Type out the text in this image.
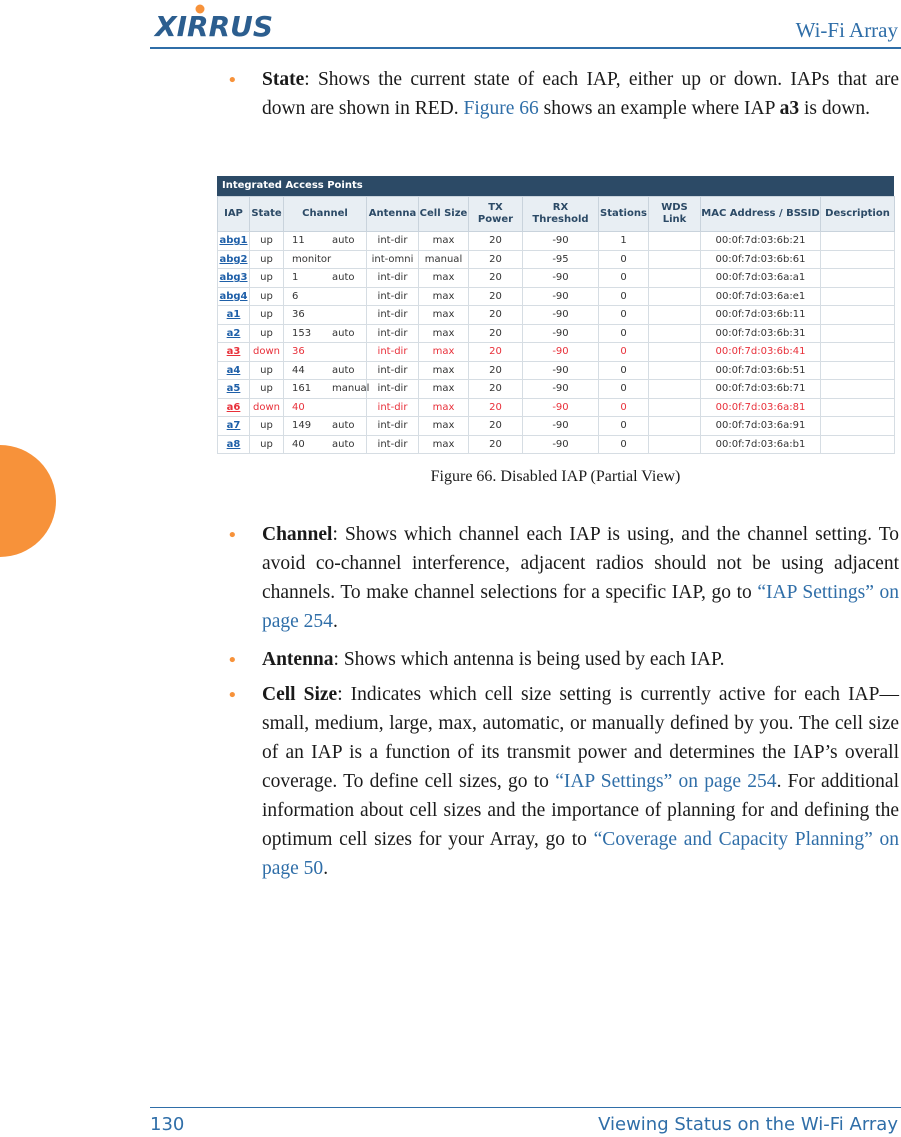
XIRRUS	Wi-Fi Array
• State: Shows the current state of each IAP, either up or down. IAPs that are down are shown in RED. Figure 66 shows an example where IAP a3 is down.
Integrated Access Points
IAP	State	Channel	Antenna	Cell Size	TX Power	RX Threshold	Stations	WDS Link	MAC Address / BSSID	Description
abg1	up	11 auto	int-dir	max	20	-90	1		00:0f:7d:03:6b:21	
abg2	up	monitor	int-omni	manual	20	-95	0		00:0f:7d:03:6b:61	
abg3	up	1 auto	int-dir	max	20	-90	0		00:0f:7d:03:6a:a1	
abg4	up	6	int-dir	max	20	-90	0		00:0f:7d:03:6a:e1	
a1	up	36	int-dir	max	20	-90	0		00:0f:7d:03:6b:11	
a2	up	153 auto	int-dir	max	20	-90	0		00:0f:7d:03:6b:31	
a3	down	36	int-dir	max	20	-90	0		00:0f:7d:03:6b:41	
a4	up	44 auto	int-dir	max	20	-90	0		00:0f:7d:03:6b:51	
a5	up	161 manual	int-dir	max	20	-90	0		00:0f:7d:03:6b:71	
a6	down	40	int-dir	max	20	-90	0		00:0f:7d:03:6a:81	
a7	up	149 auto	int-dir	max	20	-90	0		00:0f:7d:03:6a:91	
a8	up	40 auto	int-dir	max	20	-90	0		00:0f:7d:03:6a:b1	
Figure 66. Disabled IAP (Partial View)
• Channel: Shows which channel each IAP is using, and the channel setting. To avoid co-channel interference, adjacent radios should not be using adjacent channels. To make channel selections for a specific IAP, go to “IAP Settings” on page 254.
• Antenna: Shows which antenna is being used by each IAP.
• Cell Size: Indicates which cell size setting is currently active for each IAP—small, medium, large, max, automatic, or manually defined by you. The cell size of an IAP is a function of its transmit power and determines the IAP’s overall coverage. To define cell sizes, go to “IAP Settings” on page 254. For additional information about cell sizes and the importance of planning for and defining the optimum cell sizes for your Array, go to “Coverage and Capacity Planning” on page 50.
130	Viewing Status on the Wi-Fi Array
